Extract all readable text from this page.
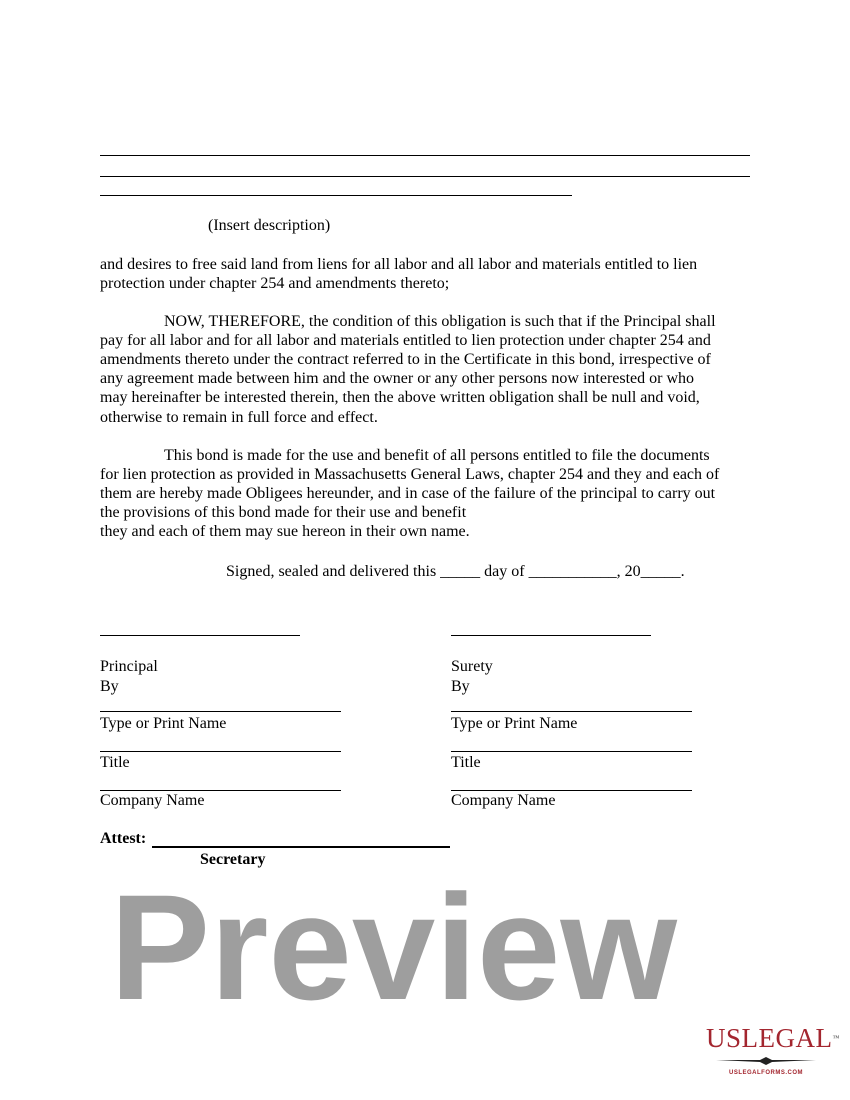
(Insert description)
and desires to free said land from liens for all labor and all labor and materials entitled to lien
protection under chapter 254 and amendments thereto;
NOW, THEREFORE, the condition of this obligation is such that if the Principal shall
pay for all labor and for all labor and materials entitled to lien protection under chapter 254 and
amendments thereto under the contract referred to in the Certificate in this bond, irrespective of
any agreement made between him and the owner or any other persons now interested or who
may hereinafter be interested therein, then the above written obligation shall be null and void,
otherwise to remain in full force and effect.
This bond is made for the use and benefit of all persons entitled to file the documents
for lien protection as provided in Massachusetts General Laws, chapter 254 and they and each of
them are hereby made Obligees hereunder, and in case of the failure of the principal to carry out
the provisions of this bond made for their use and benefit
they and each of them may sue hereon in their own name.
Signed, sealed and delivered this _____ day of ___________, 20_____.
Principal
By
Type or Print Name
Title
Company Name
Surety
By
Type or Print Name
Title
Company Name
Attest:
Secretary
Preview
USLEGAL™
USLEGALFORMS.COM
